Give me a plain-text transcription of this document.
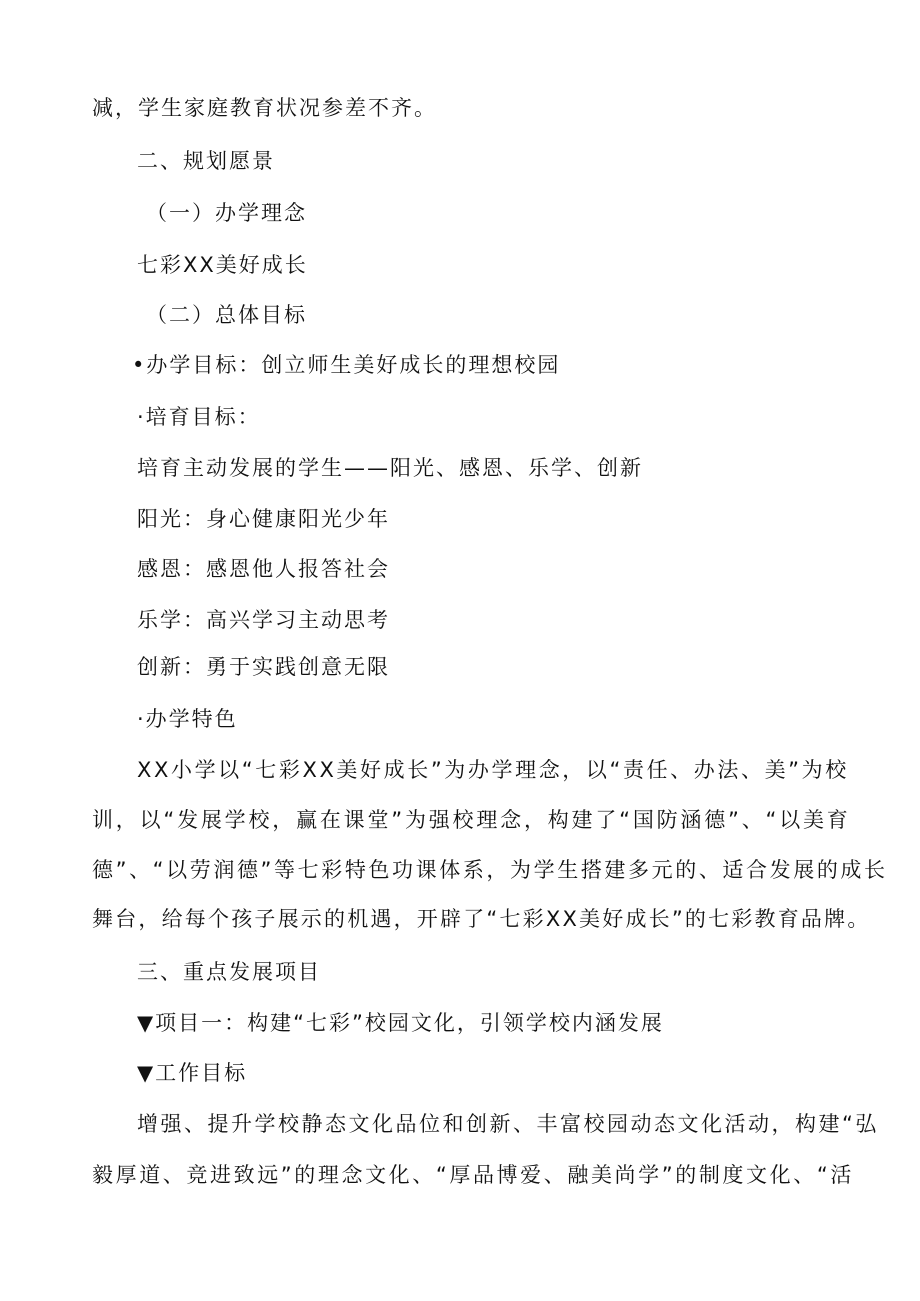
减，学生家庭教育状况参差不齐。

二、规划愿景

（一）办学理念

七彩XX美好成长

（二）总体目标

•办学目标：创立师生美好成长的理想校园

·培育目标：

培育主动发展的学生——阳光、感恩、乐学、创新

阳光：身心健康阳光少年

感恩：感恩他人报答社会

乐学：高兴学习主动思考

创新：勇于实践创意无限

·办学特色

XX小学以“七彩XX美好成长”为办学理念，以“责任、办法、美”为校

训，以“发展学校，赢在课堂”为强校理念，构建了“国防涵德”、“以美育

德”、“以劳润德”等七彩特色功课体系，为学生搭建多元的、适合发展的成长

舞台，给每个孩子展示的机遇，开辟了“七彩XX美好成长”的七彩教育品牌。

三、重点发展项目

▼项目一：构建“七彩”校园文化，引领学校内涵发展

▼工作目标

增强、提升学校静态文化品位和创新、丰富校园动态文化活动，构建“弘

毅厚道、竞进致远”的理念文化、“厚品博爱、融美尚学”的制度文化、“活
